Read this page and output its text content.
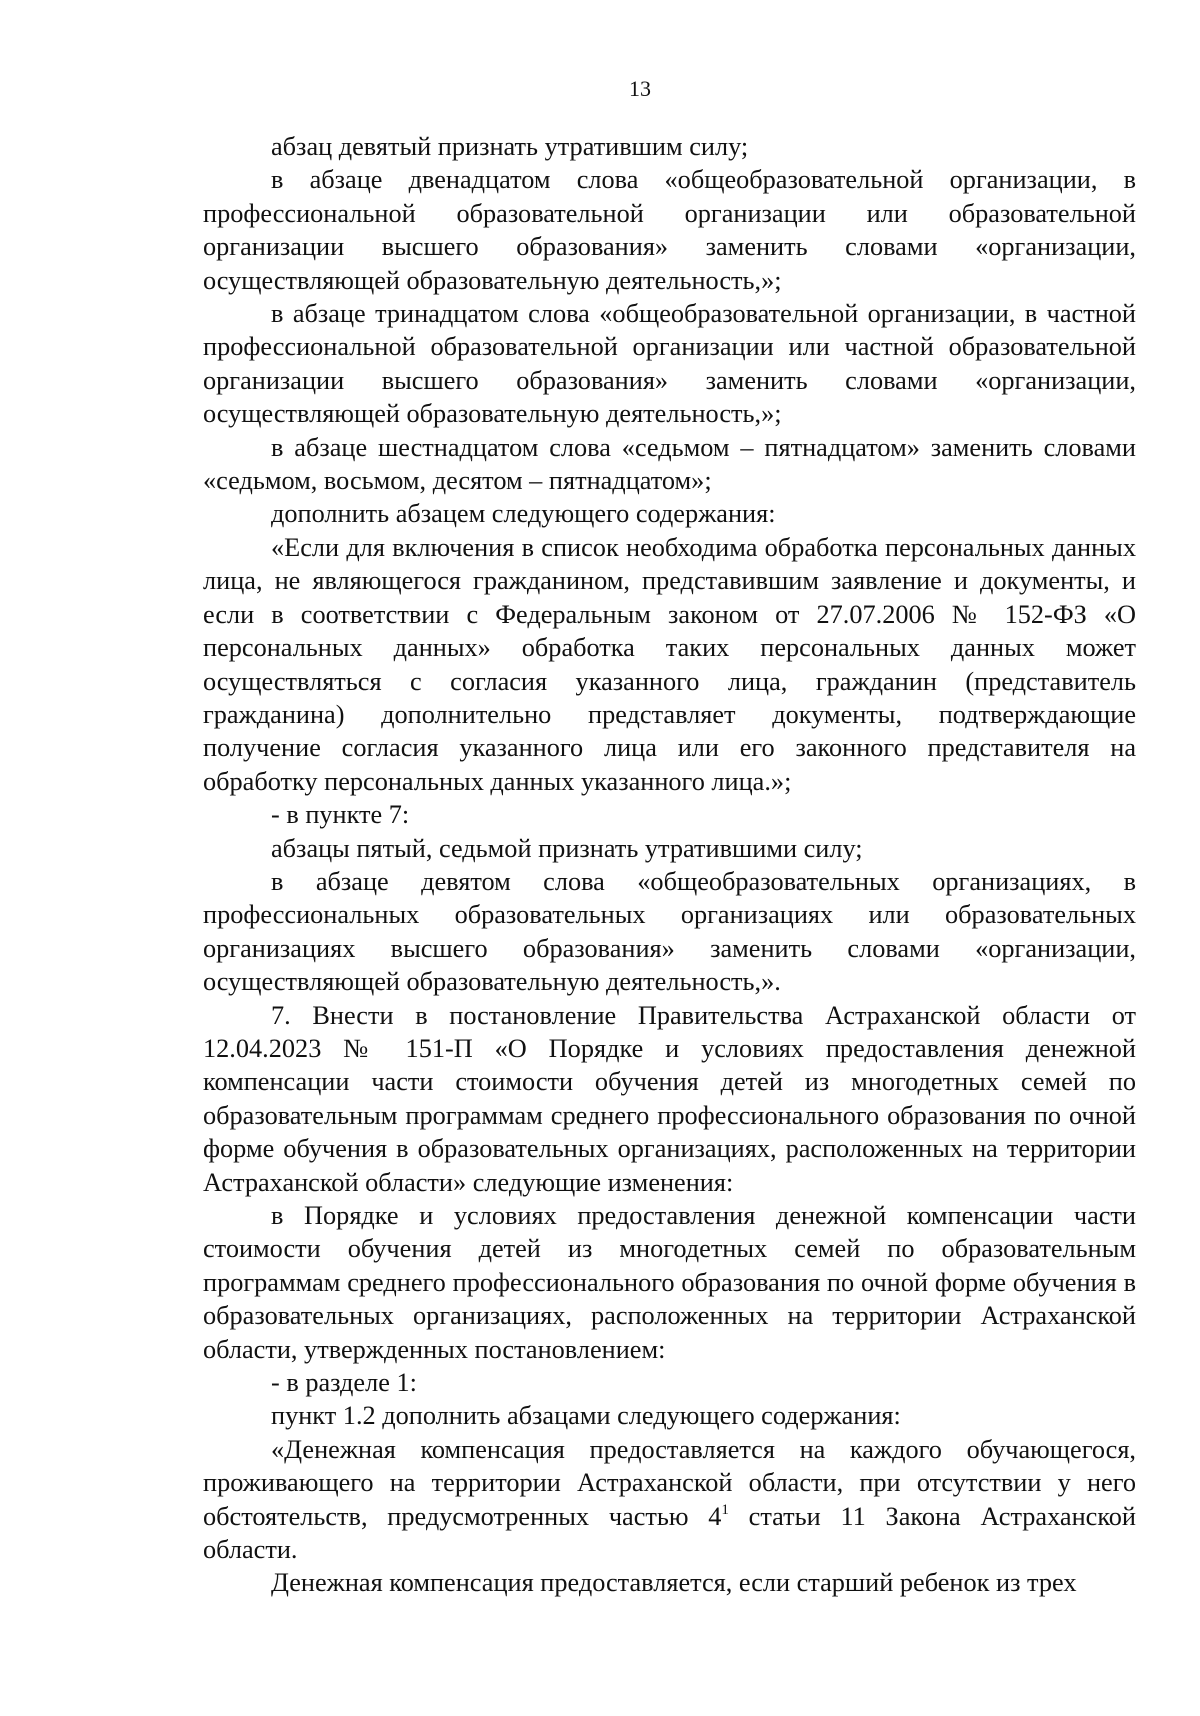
13

абзац девятый признать утратившим силу;

в абзаце двенадцатом слова «общеобразовательной организации, в профессиональной образовательной организации или образовательной организации высшего образования» заменить словами «организации, осуществляющей образовательную деятельность,»;

в абзаце тринадцатом слова «общеобразовательной организации, в частной профессиональной образовательной организации или частной образовательной организации высшего образования» заменить словами «организации, осуществляющей образовательную деятельность,»;

в абзаце шестнадцатом слова «седьмом – пятнадцатом» заменить словами «седьмом, восьмом, десятом – пятнадцатом»;

дополнить абзацем следующего содержания:

«Если для включения в список необходима обработка персональных данных лица, не являющегося гражданином, представившим заявление и документы, и если в соответствии с Федеральным законом от 27.07.2006 № 152-ФЗ «О персональных данных» обработка таких персональных данных может осуществляться с согласия указанного лица, гражданин (представитель гражданина) дополнительно представляет документы, подтверждающие получение согласия указанного лица или его законного представителя на обработку персональных данных указанного лица.»;

- в пункте 7:

абзацы пятый, седьмой признать утратившими силу;

в абзаце девятом слова «общеобразовательных организациях, в профессиональных образовательных организациях или образовательных организациях высшего образования» заменить словами «организации, осуществляющей образовательную деятельность,».

7. Внести в постановление Правительства Астраханской области от 12.04.2023 № 151-П «О Порядке и условиях предоставления денежной компенсации части стоимости обучения детей из многодетных семей по образовательным программам среднего профессионального образования по очной форме обучения в образовательных организациях, расположенных на территории Астраханской области» следующие изменения:

в Порядке и условиях предоставления денежной компенсации части стоимости обучения детей из многодетных семей по образовательным программам среднего профессионального образования по очной форме обучения в образовательных организациях, расположенных на территории Астраханской области, утвержденных постановлением:

- в разделе 1:

пункт 1.2 дополнить абзацами следующего содержания:

«Денежная компенсация предоставляется на каждого обучающегося, проживающего на территории Астраханской области, при отсутствии у него обстоятельств, предусмотренных частью $4^1$ статьи 11 Закона Астраханской области.

Денежная компенсация предоставляется, если старший ребенок из трех
